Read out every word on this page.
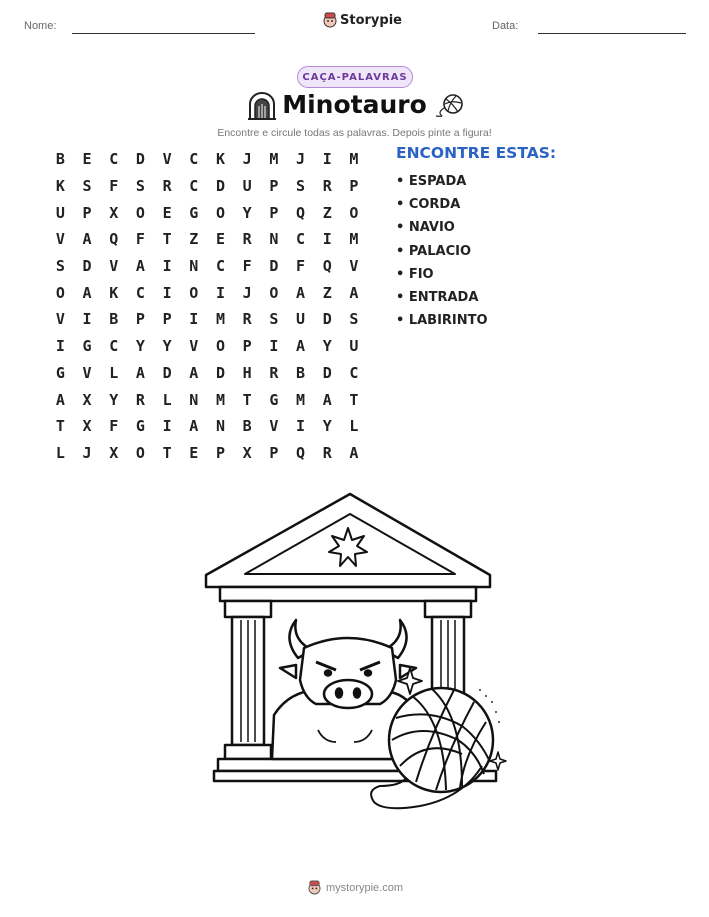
Nome:	Storypie	Data:
CAÇA-PALAVRAS
Minotauro
Encontre e circule todas as palavras. Depois pinte a figura!
B	E	C	D	V	C	K	J	M	J	I	M
K	S	F	S	R	C	D	U	P	S	R	P
U	P	X	O	E	G	O	Y	P	Q	Z	O
V	A	Q	F	T	Z	E	R	N	C	I	M
S	D	V	A	I	N	C	F	D	F	Q	V
O	A	K	C	I	O	I	J	O	A	Z	A
V	I	B	P	P	I	M	R	S	U	D	S
I	G	C	Y	Y	V	O	P	I	A	Y	U
G	V	L	A	D	A	D	H	R	B	D	C
A	X	Y	R	L	N	M	T	G	M	A	T
T	X	F	G	I	A	N	B	V	I	Y	L
L	J	X	O	T	E	P	X	P	Q	R	A
ENCONTRE ESTAS:
• ESPADA
• CORDA
• NAVIO
• PALACIO
• FIO
• ENTRADA
• LABIRINTO
mystorypie.com
